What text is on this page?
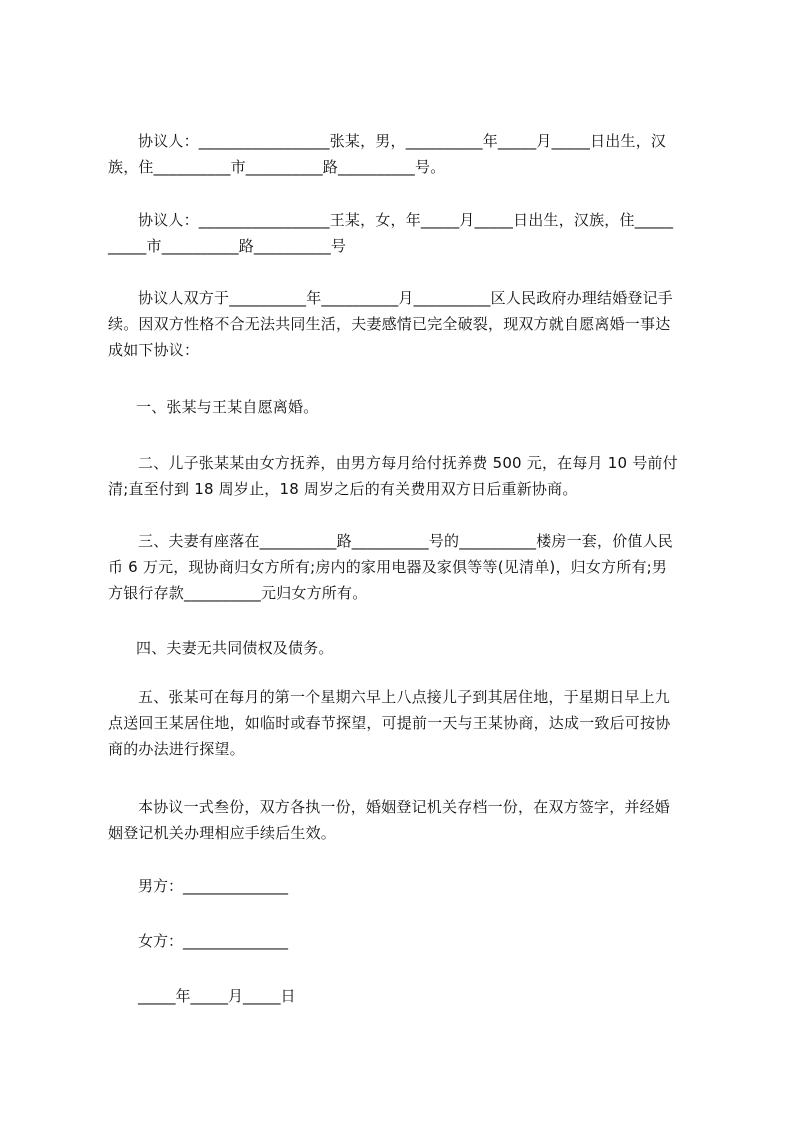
协议人：_________________张某，男，__________年_____月_____日出生，汉
族，住__________市__________路__________号。

协议人：_________________王某，女，年_____月_____日出生，汉族，住_____
_____市__________路__________号

协议人双方于__________年__________月__________区人民政府办理结婚登记手
续。因双方性格不合无法共同生活，夫妻感情已完全破裂，现双方就自愿离婚一事达
成如下协议：

一、张某与王某自愿离婚。

二、儿子张某某由女方抚养，由男方每月给付抚养费 500 元，在每月 10 号前付
清;直至付到 18 周岁止，18 周岁之后的有关费用双方日后重新协商。

三、夫妻有座落在__________路__________号的__________楼房一套，价值人民
币 6 万元，现协商归女方所有;房内的家用电器及家俱等等(见清单)，归女方所有;男
方银行存款__________元归女方所有。

四、夫妻无共同债权及债务。

五、张某可在每月的第一个星期六早上八点接儿子到其居住地，于星期日早上九
点送回王某居住地，如临时或春节探望，可提前一天与王某协商，达成一致后可按协
商的办法进行探望。

本协议一式叁份，双方各执一份，婚姻登记机关存档一份，在双方签字，并经婚
姻登记机关办理相应手续后生效。

男方：______________
女方：______________
_____年_____月_____日
